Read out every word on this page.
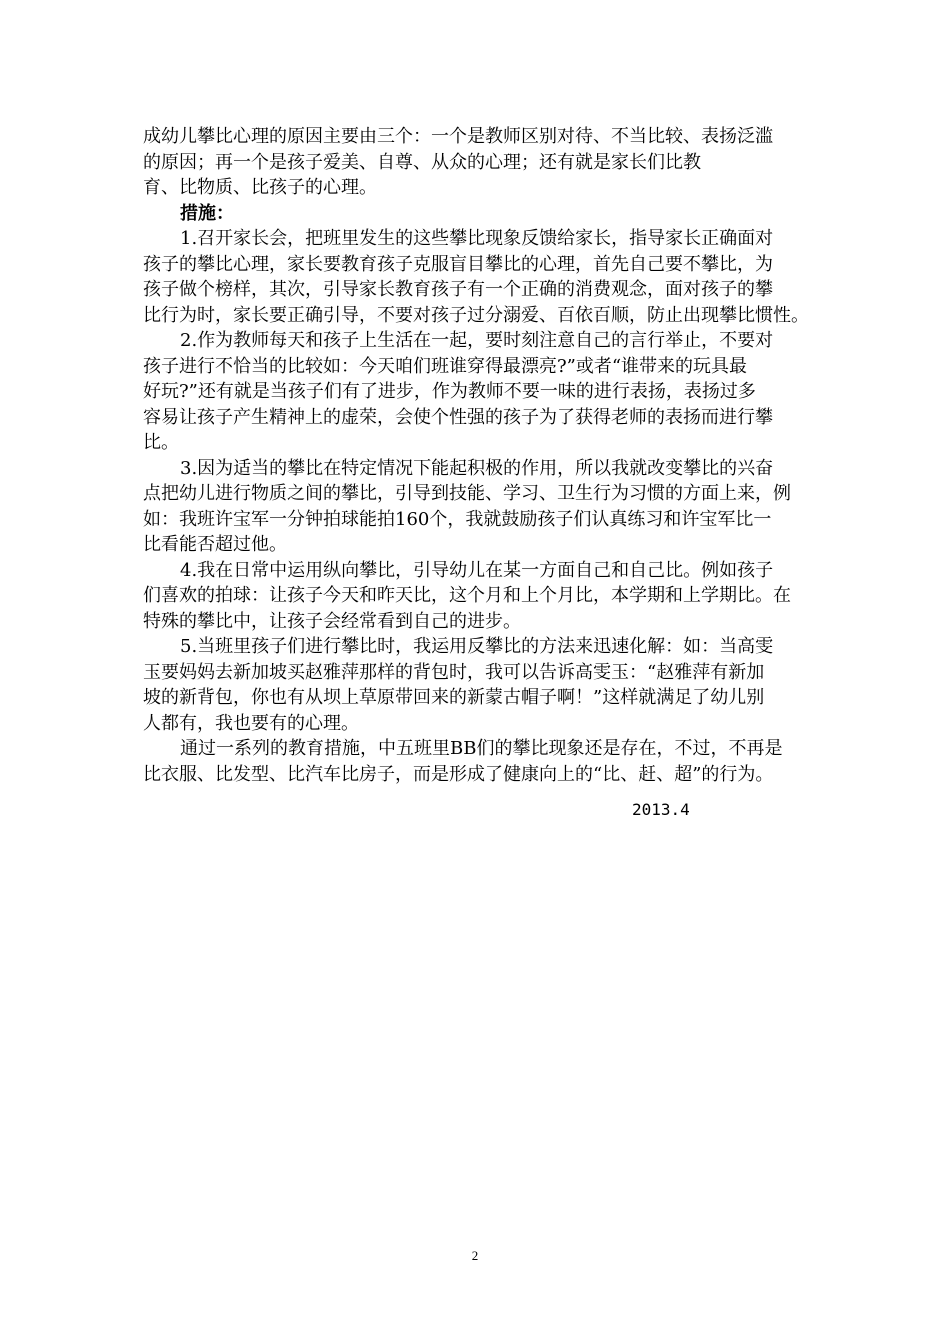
成幼儿攀比心理的原因主要由三个：一个是教师区别对待、不当比较、表扬泛滥
的原因；再一个是孩子爱美、自尊、从众的心理；还有就是家长们比教
育、比物质、比孩子的心理。
措施：
1.召开家长会，把班里发生的这些攀比现象反馈给家长，指导家长正确面对
孩子的攀比心理，家长要教育孩子克服盲目攀比的心理，首先自己要不攀比，为
孩子做个榜样，其次，引导家长教育孩子有一个正确的消费观念，面对孩子的攀
比行为时，家长要正确引导，不要对孩子过分溺爱、百依百顺，防止出现攀比惯性。
2.作为教师每天和孩子上生活在一起，要时刻注意自己的言行举止，不要对
孩子进行不恰当的比较如：今天咱们班谁穿得最漂亮?”或者“谁带来的玩具最
好玩?”还有就是当孩子们有了进步，作为教师不要一味的进行表扬，表扬过多
容易让孩子产生精神上的虚荣，会使个性强的孩子为了获得老师的表扬而进行攀
比。
3.因为适当的攀比在特定情况下能起积极的作用，所以我就改变攀比的兴奋
点把幼儿进行物质之间的攀比，引导到技能、学习、卫生行为习惯的方面上来，例
如：我班许宝军一分钟拍球能拍160个，我就鼓励孩子们认真练习和许宝军比一
比看能否超过他。
4.我在日常中运用纵向攀比，引导幼儿在某一方面自己和自己比。例如孩子
们喜欢的拍球：让孩子今天和昨天比，这个月和上个月比，本学期和上学期比。在
特殊的攀比中，让孩子会经常看到自己的进步。
5.当班里孩子们进行攀比时，我运用反攀比的方法来迅速化解：如：当高雯
玉要妈妈去新加坡买赵雅萍那样的背包时，我可以告诉高雯玉：“赵雅萍有新加
坡的新背包，你也有从坝上草原带回来的新蒙古帽子啊！”这样就满足了幼儿别
人都有，我也要有的心理。
通过一系列的教育措施，中五班里BB们的攀比现象还是存在，不过，不再是
比衣服、比发型、比汽车比房子，而是形成了健康向上的“比、赶、超”的行为。
2013.4
2
